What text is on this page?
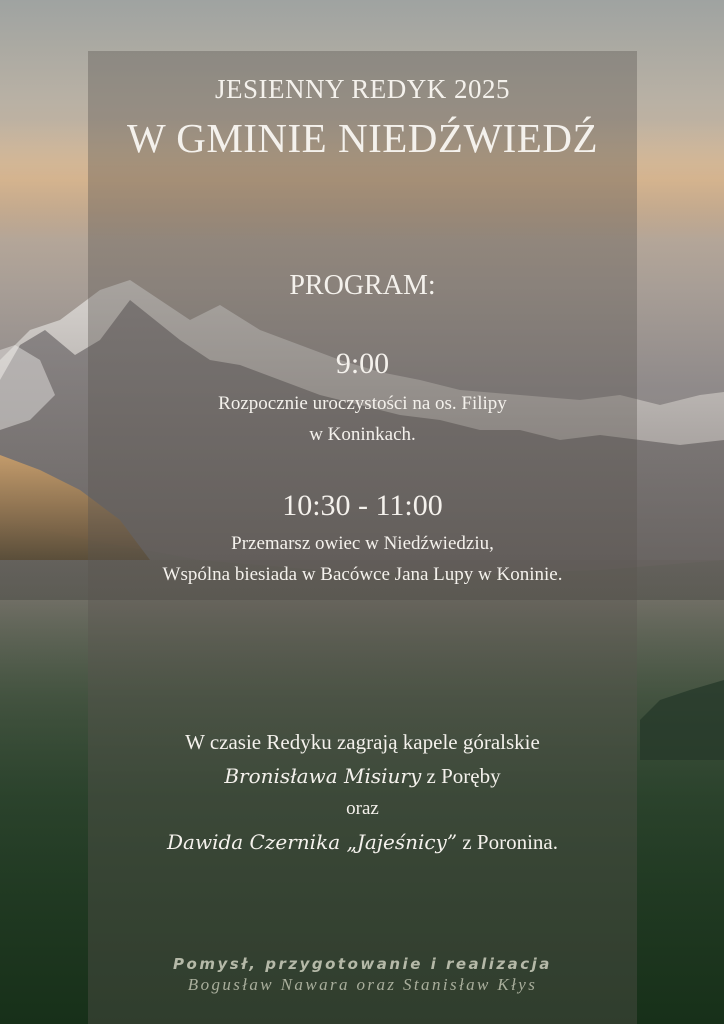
JESIENNY REDYK 2025
W GMINIE NIEDŹWIEDŹ
PROGRAM:
9:00
Rozpocznie uroczystości na os. Filipy
w Koninkach.
10:30 - 11:00
Przemarsz owiec w Niedźwiedziu,
Wspólna biesiada w Bacówce Jana Lupy w Koninie.
W czasie Redyku zagrają kapele góralskie
Bronisława Misiury z Poręby
oraz
Dawida Czernika „Jajeśnicy” z Poronina.
Pomysł, przygotowanie i realizacja
Bogusław Nawara oraz Stanisław Kłys
